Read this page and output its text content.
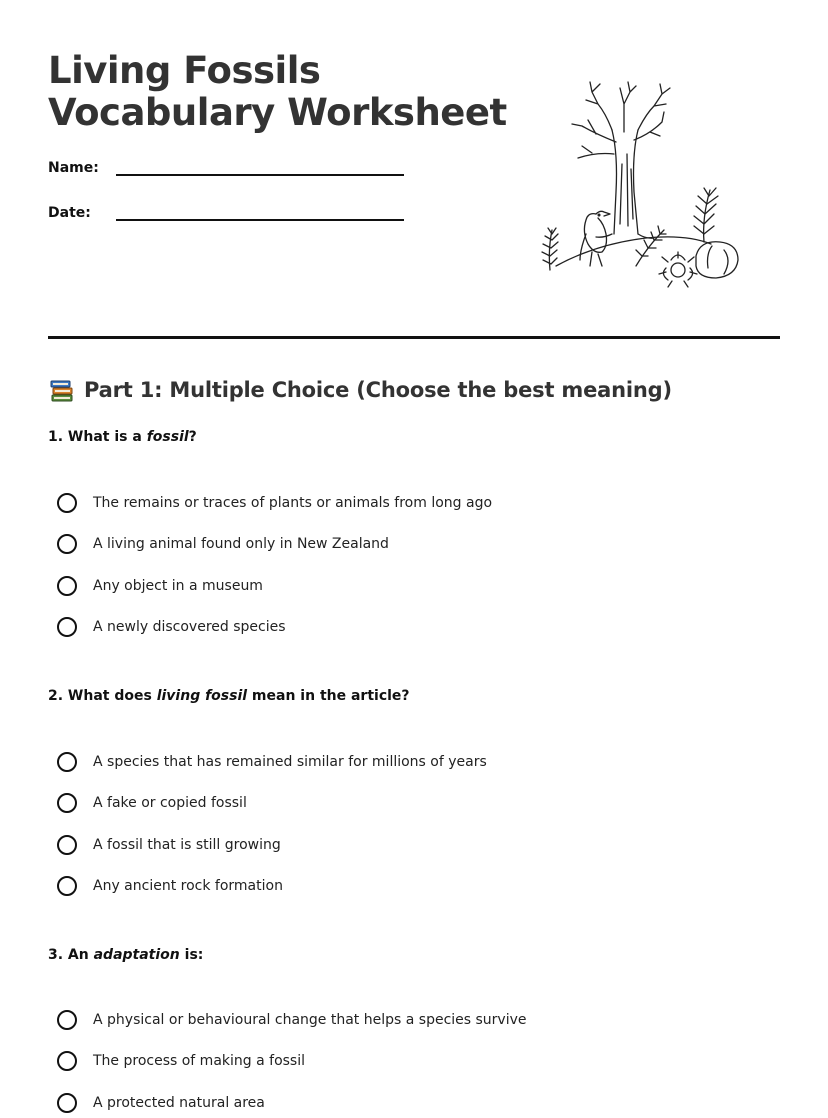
Living Fossils
Vocabulary Worksheet
Name:
Date:
Part 1: Multiple Choice (Choose the best meaning)
1. What is a fossil?
The remains or traces of plants or animals from long ago
A living animal found only in New Zealand
Any object in a museum
A newly discovered species
2. What does living fossil mean in the article?
A species that has remained similar for millions of years
A fake or copied fossil
A fossil that is still growing
Any ancient rock formation
3. An adaptation is:
A physical or behavioural change that helps a species survive
The process of making a fossil
A protected natural area
